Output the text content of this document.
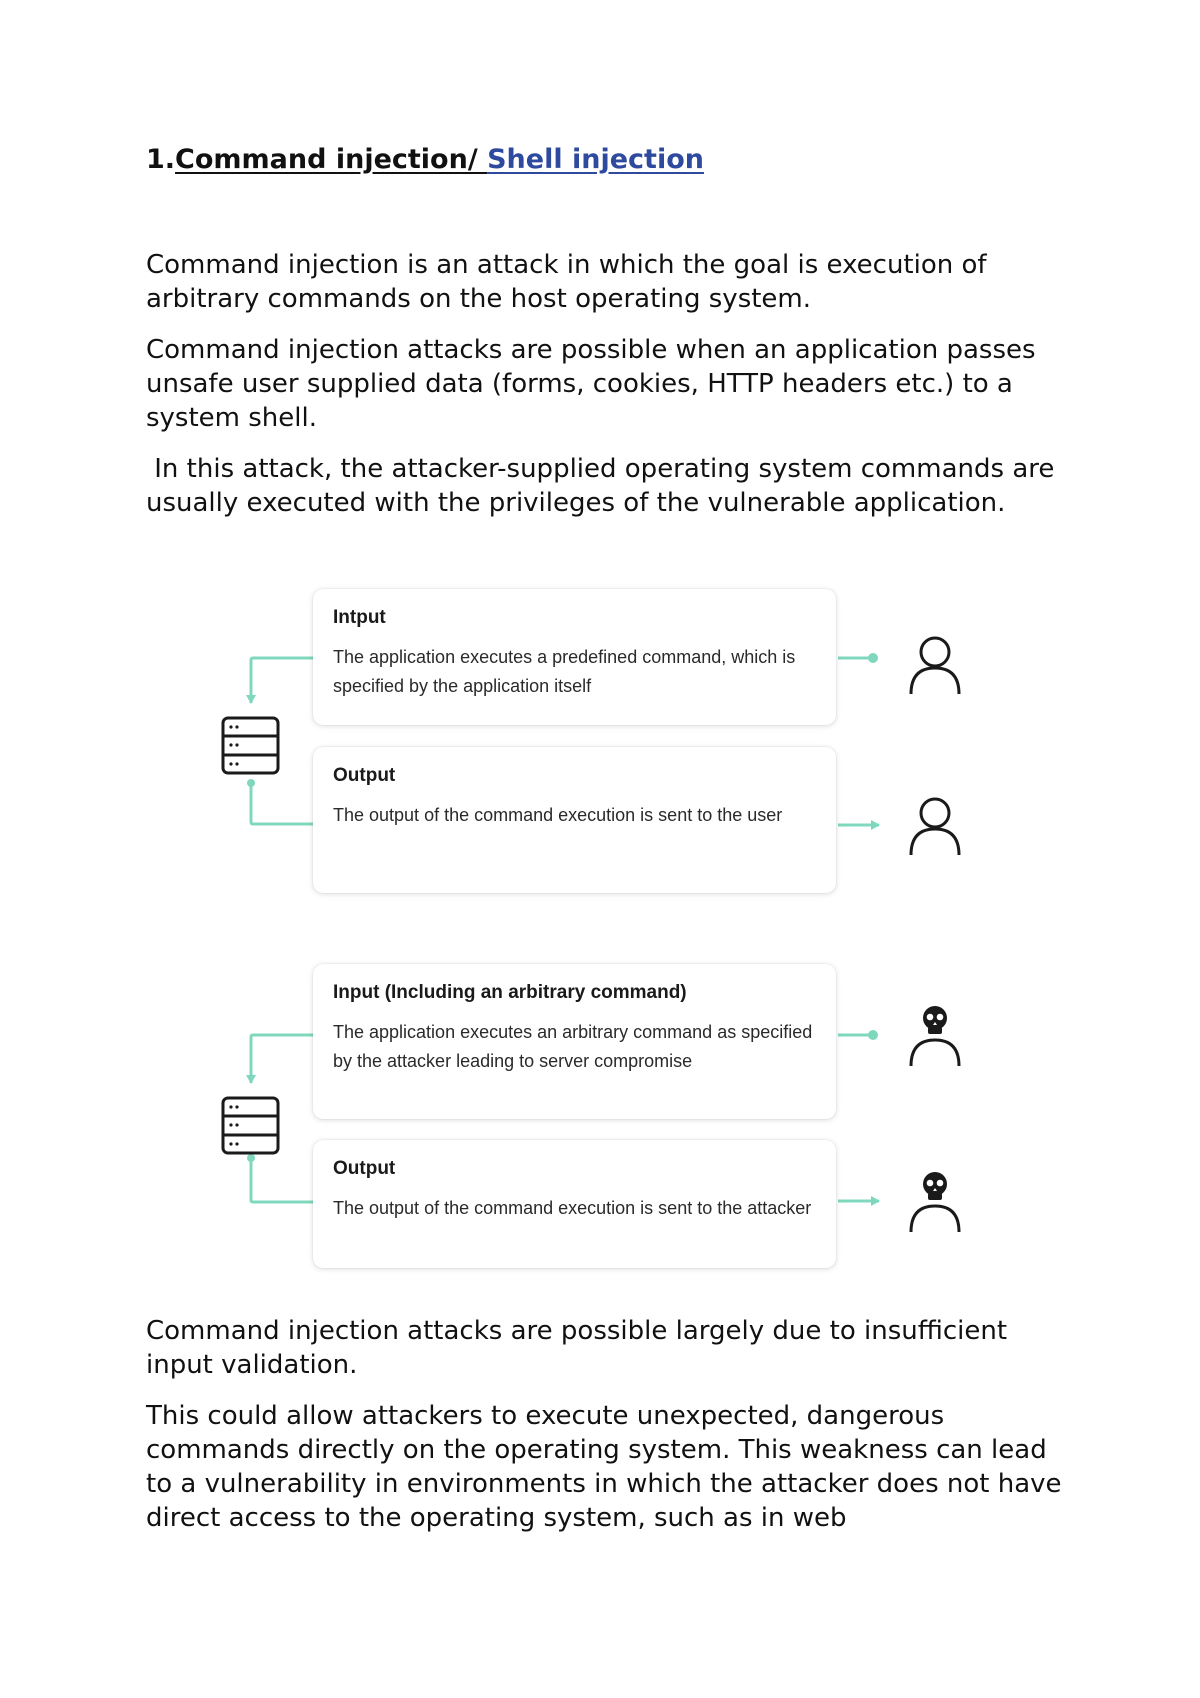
1.Command injection/ Shell injection

Command injection is an attack in which the goal is execution of arbitrary commands on the host operating system.

Command injection attacks are possible when an application passes unsafe user supplied data (forms, cookies, HTTP headers etc.) to a system shell.

In this attack, the attacker-supplied operating system commands are usually executed with the privileges of the vulnerable application.

Intput

The application executes a predefined command, which is specified by the application itself

Output

The output of the command execution is sent to the user

Input (Including an arbitrary command)

The application executes an arbitrary command as specified by the attacker leading to server compromise

Output

The output of the command execution is sent to the attacker

Command injection attacks are possible largely due to insufficient input validation.

This could allow attackers to execute unexpected, dangerous commands directly on the operating system. This weakness can lead to a vulnerability in environments in which the attacker does not have direct access to the operating system, such as in web
